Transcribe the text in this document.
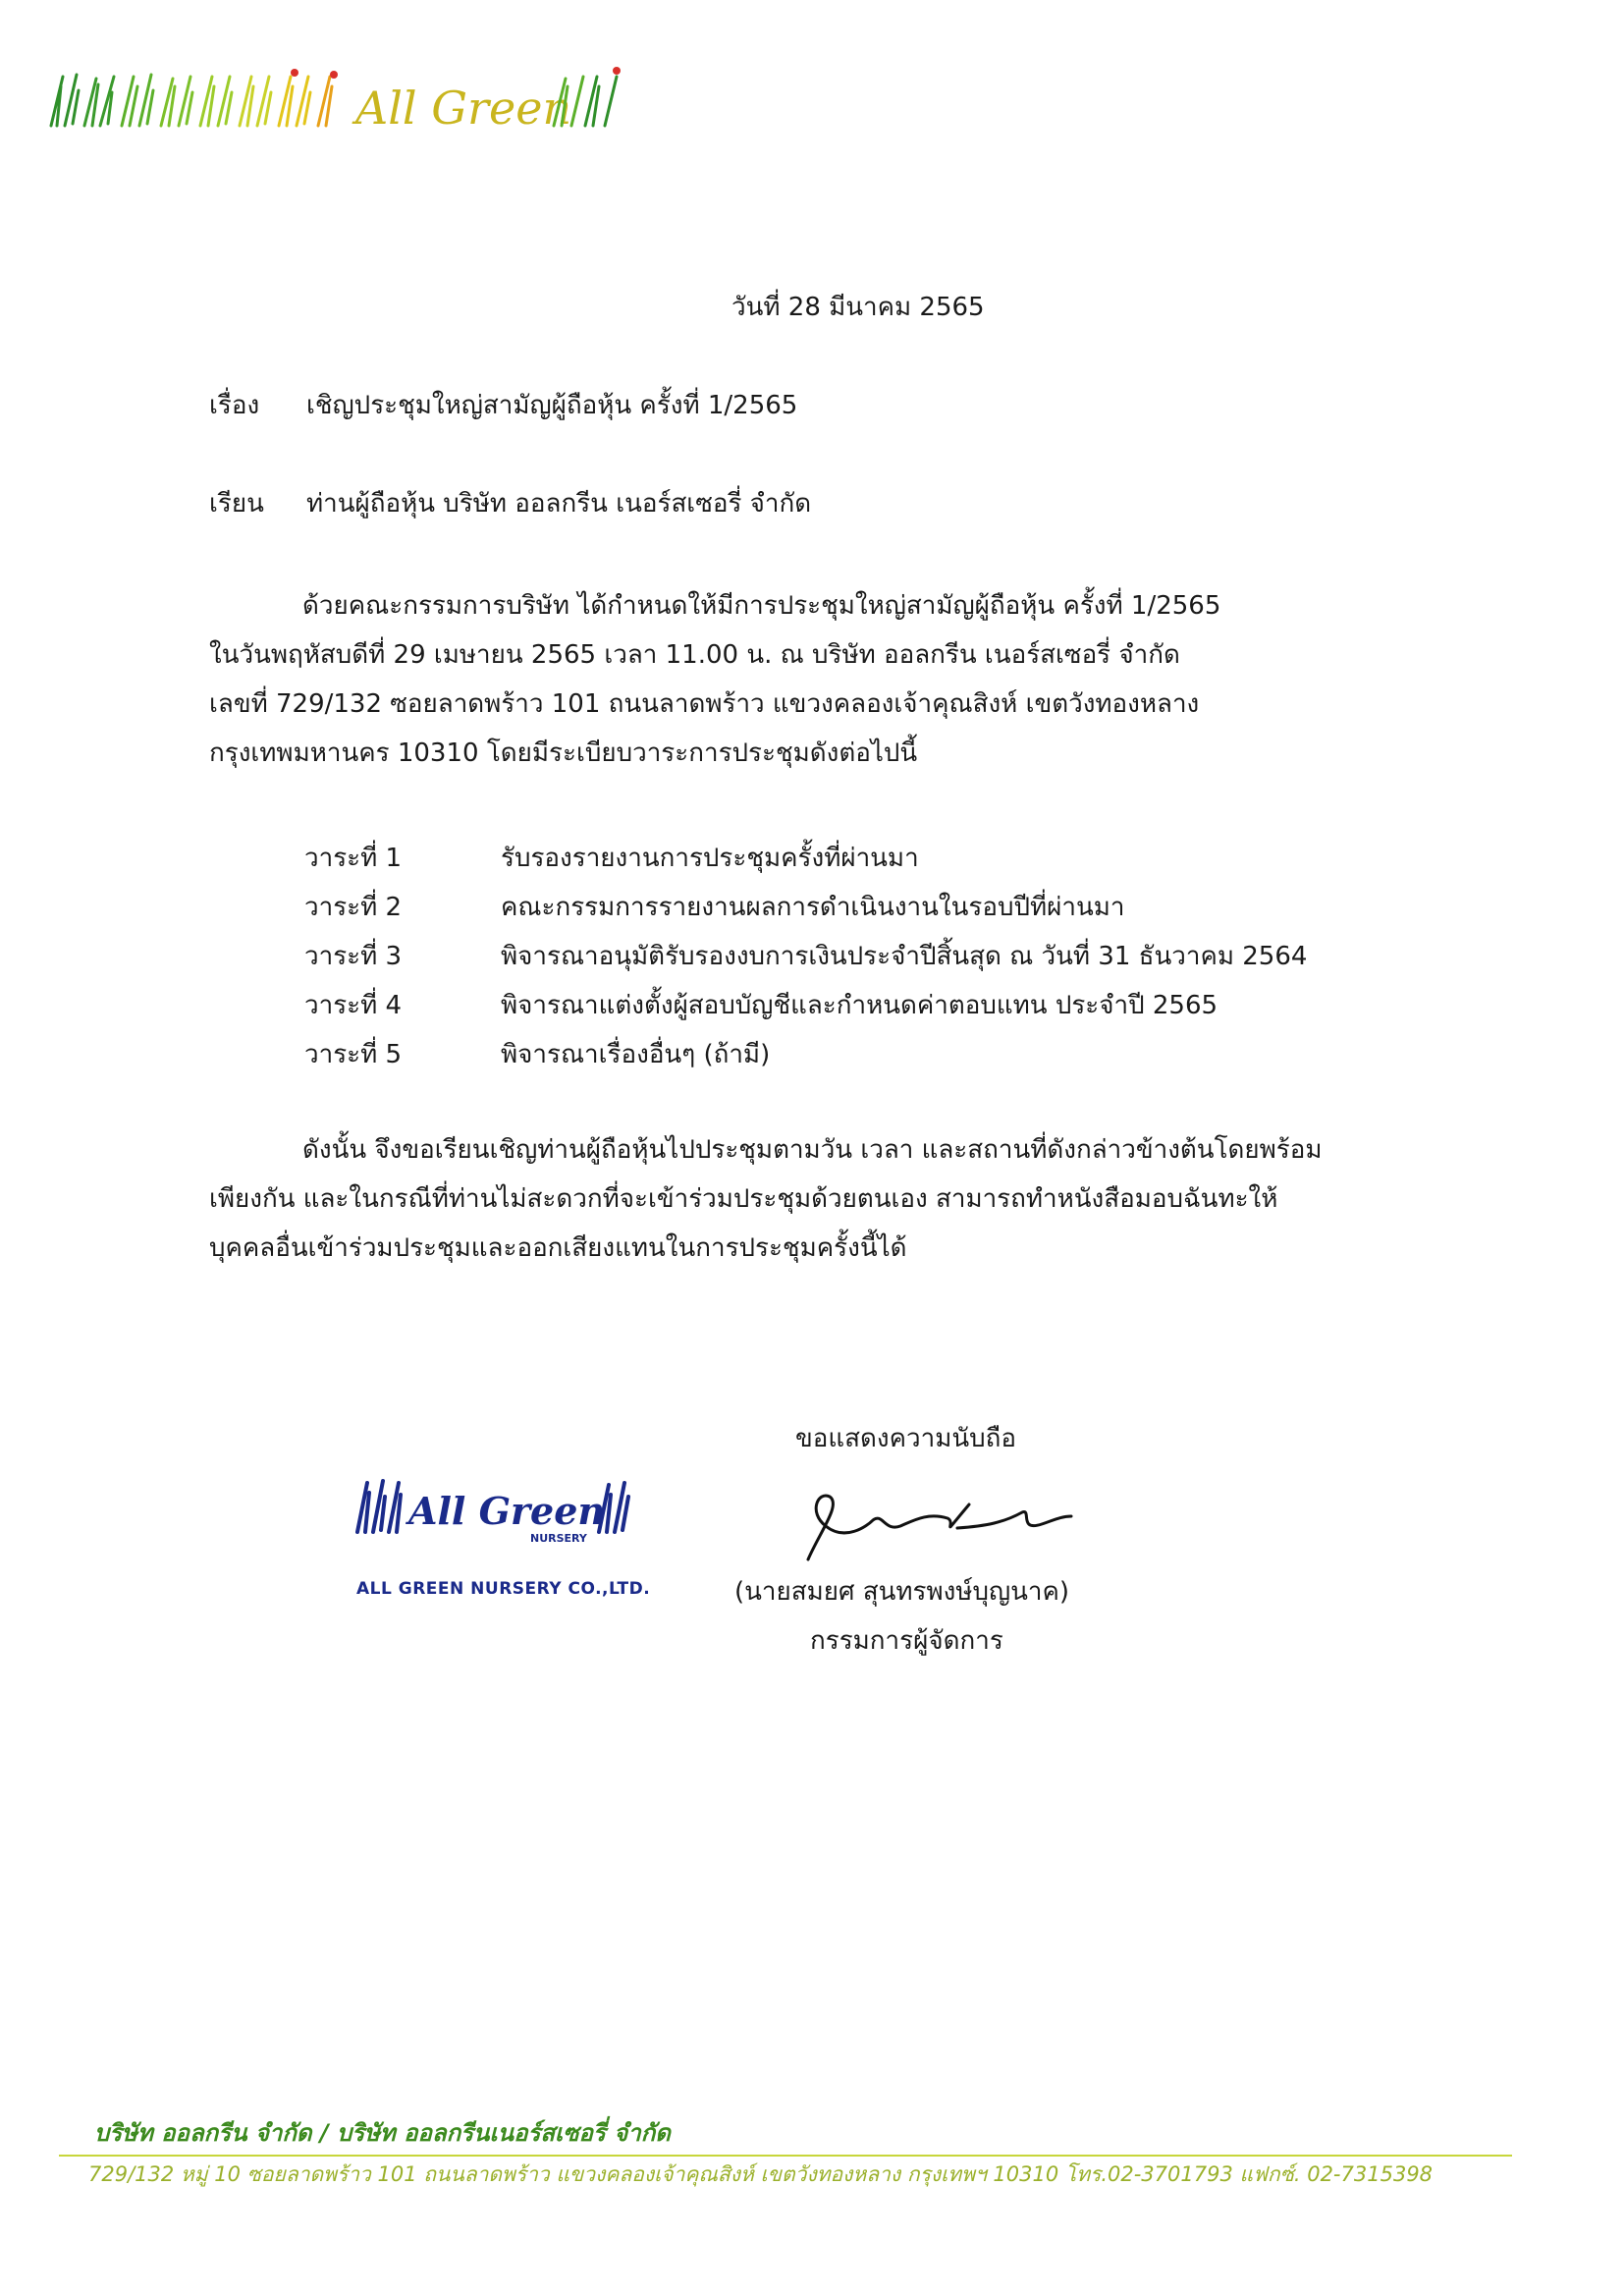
All Green
วันที่ 28 มีนาคม 2565
เรื่อง เชิญประชุมใหญ่สามัญผู้ถือหุ้น ครั้งที่ 1/2565
เรียน ท่านผู้ถือหุ้น บริษัท ออลกรีน เนอร์สเซอรี่ จำกัด

ด้วยคณะกรรมการบริษัท ได้กำหนดให้มีการประชุมใหญ่สามัญผู้ถือหุ้น ครั้งที่ 1/2565

ในวันพฤหัสบดีที่ 29 เมษายน 2565 เวลา 11.00 น. ณ บริษัท ออลกรีน เนอร์สเซอรี่ จำกัด

เลขที่ 729/132 ซอยลาดพร้าว 101 ถนนลาดพร้าว แขวงคลองเจ้าคุณสิงห์ เขตวังทองหลาง

กรุงเทพมหานคร 10310 โดยมีระเบียบวาระการประชุมดังต่อไปนี้

วาระที่ 1	รับรองรายงานการประชุมครั้งที่ผ่านมา
วาระที่ 2	คณะกรรมการรายงานผลการดำเนินงานในรอบปีที่ผ่านมา
วาระที่ 3	พิจารณาอนุมัติรับรองงบการเงินประจำปีสิ้นสุด ณ วันที่ 31 ธันวาคม 2564
วาระที่ 4	พิจารณาแต่งตั้งผู้สอบบัญชีและกำหนดค่าตอบแทน ประจำปี 2565
วาระที่ 5	พิจารณาเรื่องอื่นๆ (ถ้ามี)

ดังนั้น จึงขอเรียนเชิญท่านผู้ถือหุ้นไปประชุมตามวัน เวลา และสถานที่ดังกล่าวข้างต้นโดยพร้อม

เพียงกัน และในกรณีที่ท่านไม่สะดวกที่จะเข้าร่วมประชุมด้วยตนเอง สามารถทำหนังสือมอบฉันทะให้

บุคคลอื่นเข้าร่วมประชุมและออกเสียงแทนในการประชุมครั้งนี้ได้

ขอแสดงความนับถือ
All Green
NURSERY
ALL GREEN NURSERY CO.,LTD.	(นายสมยศ สุนทรพงษ์บุญนาค)
กรรมการผู้จัดการ
บริษัท ออลกรีน จำกัด / บริษัท ออลกรีนเนอร์สเซอรี่ จำกัด
729/132 หมู่ 10 ซอยลาดพร้าว 101 ถนนลาดพร้าว แขวงคลองเจ้าคุณสิงห์ เขตวังทองหลาง กรุงเทพฯ 10310 โทร.02-3701793 แฟกซ์. 02-7315398
